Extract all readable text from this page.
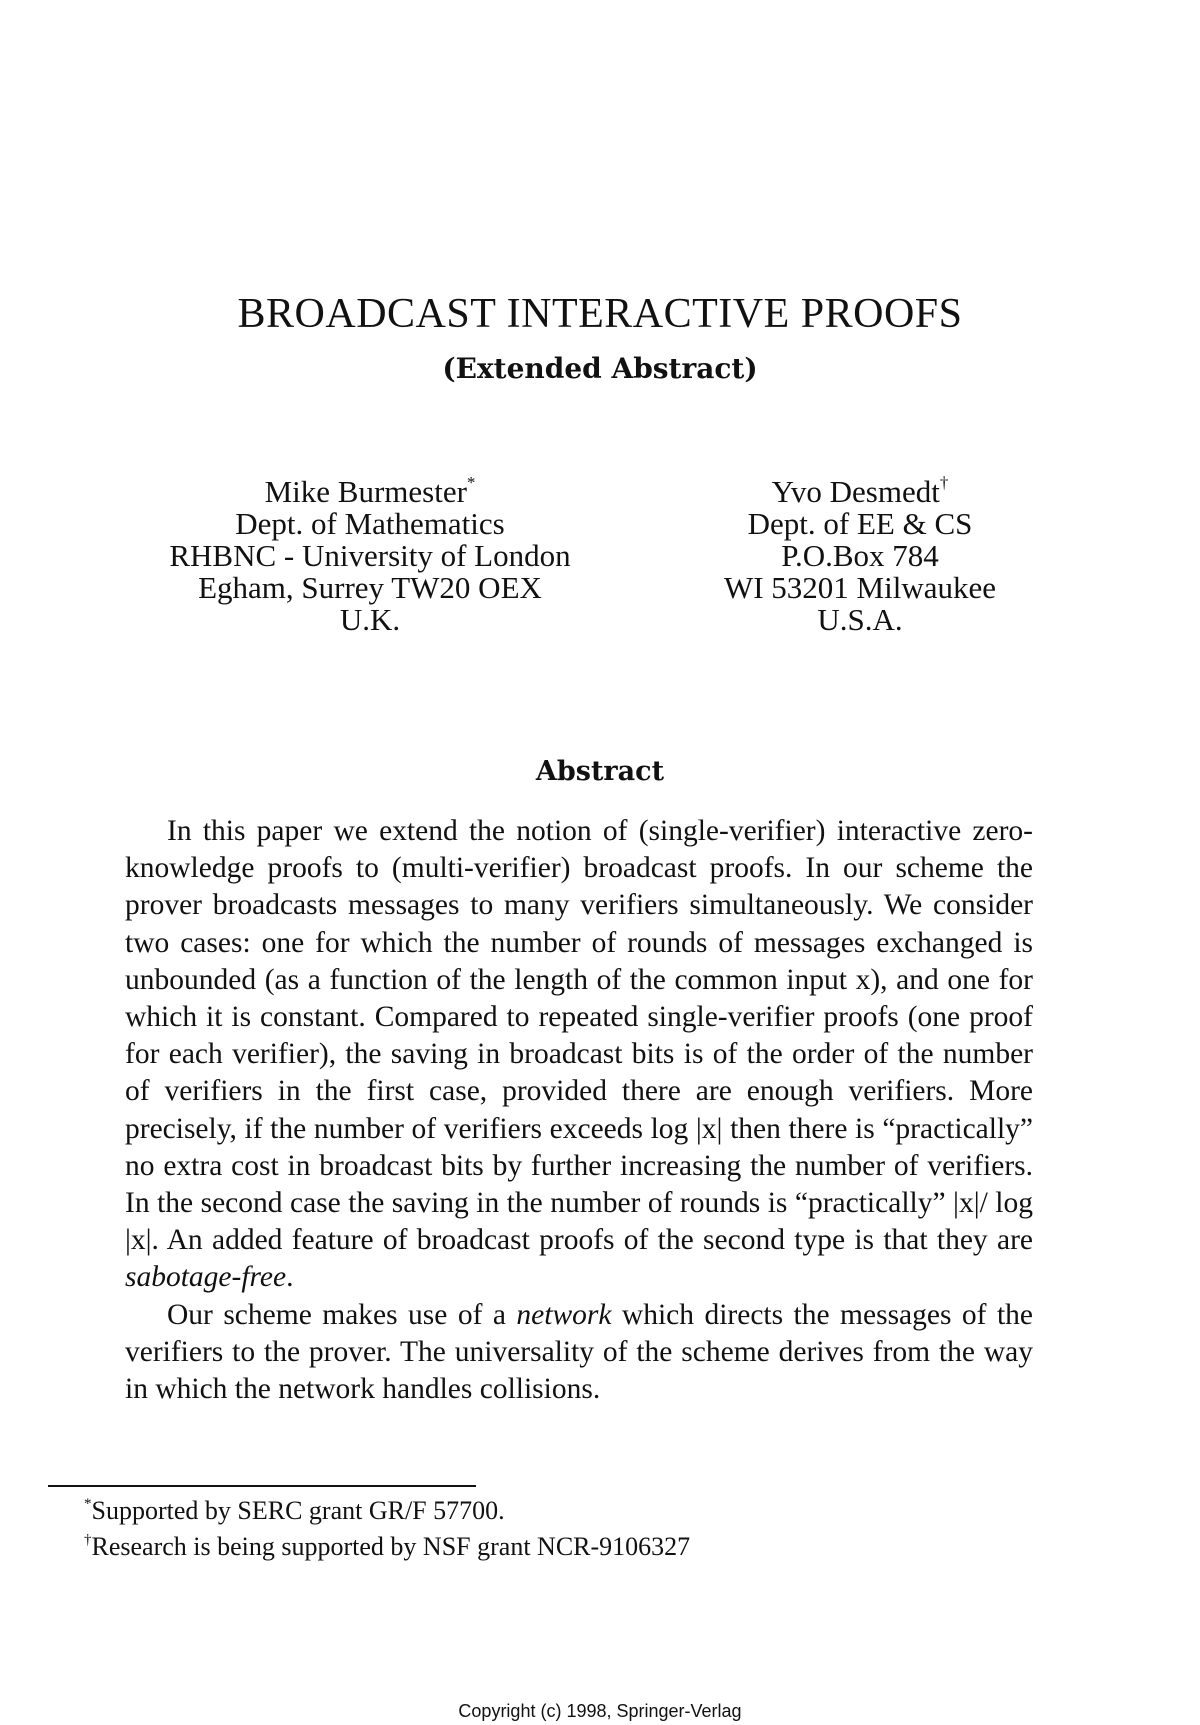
BROADCAST INTERACTIVE PROOFS
(Extended Abstract)
Mike Burmester*
Dept. of Mathematics
RHBNC - University of London
Egham, Surrey TW20 OEX
U.K.
Yvo Desmedt†
Dept. of EE & CS
P.O.Box 784
WI 53201 Milwaukee
U.S.A.
Abstract

In this paper we extend the notion of (single-verifier) interactive zero-knowledge proofs to (multi-verifier) broadcast proofs. In our scheme the prover broadcasts messages to many verifiers simultaneously. We consider two cases: one for which the number of rounds of messages exchanged is unbounded (as a function of the length of the common input x), and one for which it is constant. Compared to repeated single-verifier proofs (one proof for each verifier), the saving in broadcast bits is of the order of the number of verifiers in the first case, provided there are enough verifiers. More precisely, if the number of verifiers exceeds log |x| then there is “practically” no extra cost in broadcast bits by further increasing the number of verifiers. In the second case the saving in the number of rounds is “practically” |x|/ log |x|. An added feature of broadcast proofs of the second type is that they are sabotage-free.

Our scheme makes use of a network which directs the messages of the verifiers to the prover. The universality of the scheme derives from the way in which the network handles collisions.

*Supported by SERC grant GR/F 57700.
†Research is being supported by NSF grant NCR-9106327
Copyright (c) 1998, Springer-Verlag
